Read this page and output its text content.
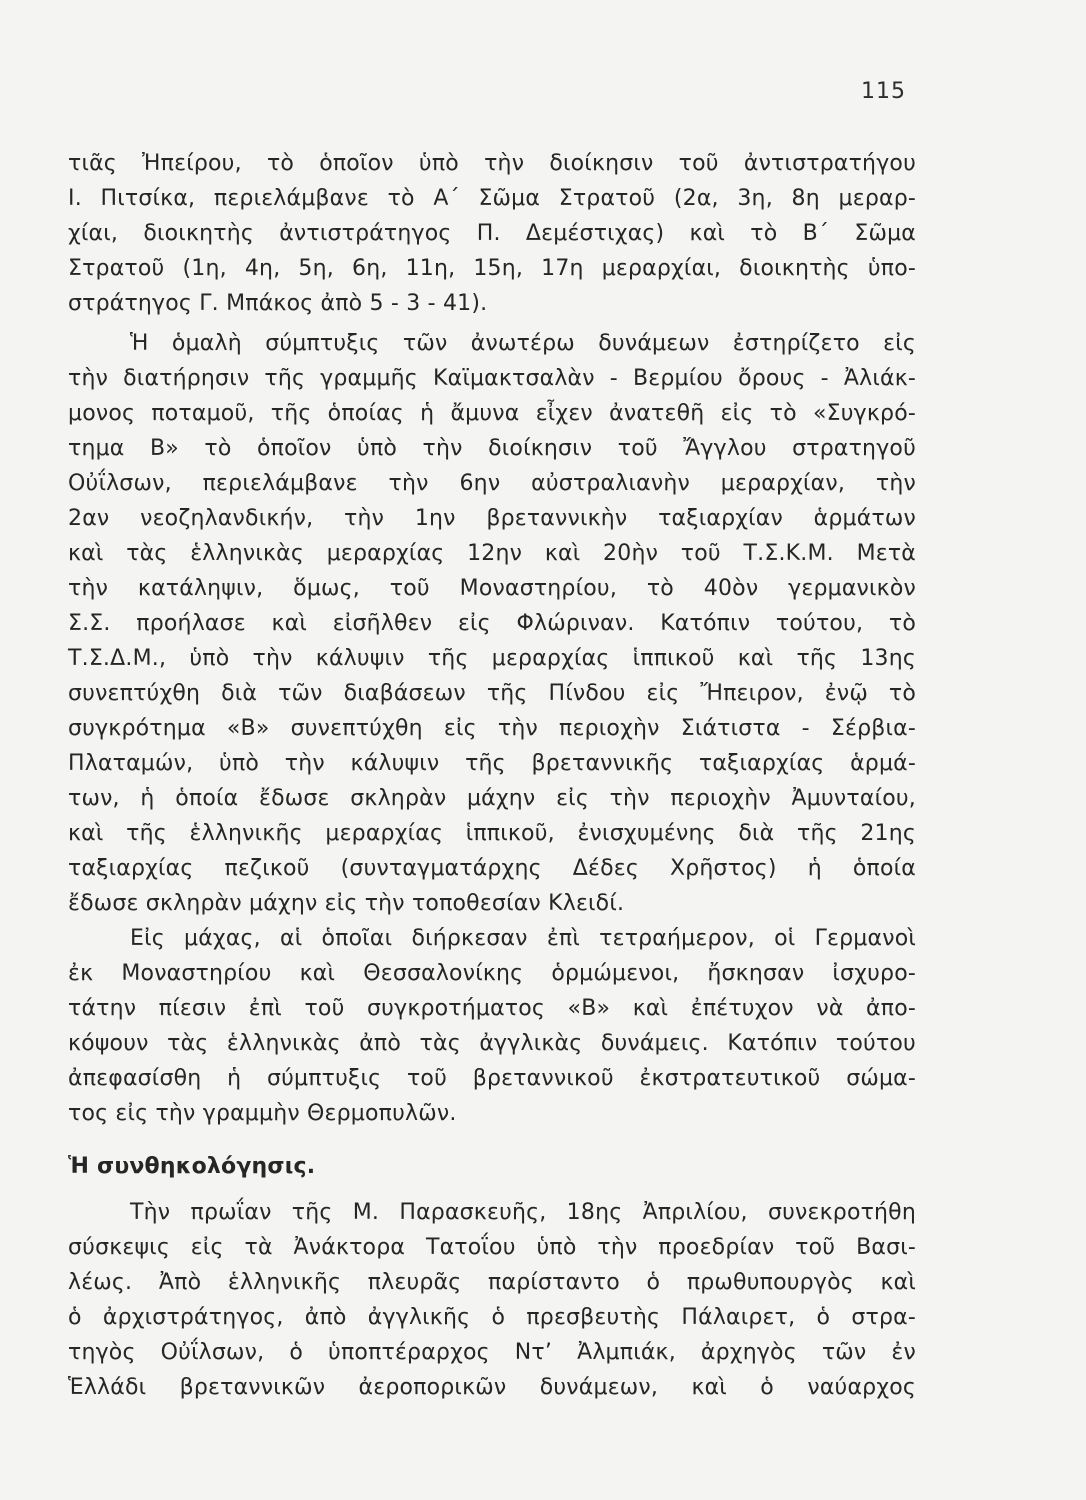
115
τιᾶς Ἠπείρου, τὸ ὁποῖον ὑπὸ τὴν διοίκησιν τοῦ ἀντιστρατήγου
Ι. Πιτσίκα, περιελάμβανε τὸ Α΄ Σῶμα Στρατοῦ (2α, 3η, 8η μεραρ-
χίαι, διοικητὴς ἀντιστράτηγος Π. Δεμέστιχας) καὶ τὸ Β΄ Σῶμα
Στρατοῦ (1η, 4η, 5η, 6η, 11η, 15η, 17η μεραρχίαι, διοικητὴς ὑπο-
στράτηγος Γ. Μπάκος ἀπὸ 5 - 3 - 41).
Ἡ ὁμαλὴ σύμπτυξις τῶν ἀνωτέρω δυνάμεων ἐστηρίζετο εἰς
τὴν διατήρησιν τῆς γραμμῆς Καϊμακτσαλὰν - Βερμίου ὄρους - Ἀλιάκ-
μονος ποταμοῦ, τῆς ὁποίας ἡ ἄμυνα εἶχεν ἀνατεθῆ εἰς τὸ «Συγκρό-
τημα Β» τὸ ὁποῖον ὑπὸ τὴν διοίκησιν τοῦ Ἄγγλου στρατηγοῦ
Οὐΐλσων, περιελάμβανε τὴν 6ην αὐστραλιανὴν μεραρχίαν, τὴν
2αν νεοζηλανδικήν, τὴν 1ην βρεταννικὴν ταξιαρχίαν ἁρμάτων
καὶ τὰς ἑλληνικὰς μεραρχίας 12ην καὶ 20ὴν τοῦ Τ.Σ.Κ.Μ. Μετὰ
τὴν κατάληψιν, ὅμως, τοῦ Μοναστηρίου, τὸ 40ὸν γερμανικὸν
Σ.Σ. προήλασε καὶ εἰσῆλθεν εἰς Φλώριναν. Κατόπιν τούτου, τὸ
Τ.Σ.Δ.Μ., ὑπὸ τὴν κάλυψιν τῆς μεραρχίας ἱππικοῦ καὶ τῆς 13ης
συνεπτύχθη διὰ τῶν διαβάσεων τῆς Πίνδου εἰς Ἤπειρον, ἐνῷ τὸ
συγκρότημα «Β» συνεπτύχθη εἰς τὴν περιοχὴν Σιάτιστα - Σέρβια-
Πλαταμών, ὑπὸ τὴν κάλυψιν τῆς βρεταννικῆς ταξιαρχίας ἁρμά-
των, ἡ ὁποία ἔδωσε σκληρὰν μάχην εἰς τὴν περιοχὴν Ἀμυνταίου,
καὶ τῆς ἑλληνικῆς μεραρχίας ἱππικοῦ, ἐνισχυμένης διὰ τῆς 21ης
ταξιαρχίας πεζικοῦ (συνταγματάρχης Δέδες Χρῆστος) ἡ ὁποία
ἔδωσε σκληρὰν μάχην εἰς τὴν τοποθεσίαν Κλειδί.
Εἰς μάχας, αἱ ὁποῖαι διήρκεσαν ἐπὶ τετραήμερον, οἱ Γερμανοὶ
ἐκ Μοναστηρίου καὶ Θεσσαλονίκης ὁρμώμενοι, ἤσκησαν ἰσχυρο-
τάτην πίεσιν ἐπὶ τοῦ συγκροτήματος «Β» καὶ ἐπέτυχον νὰ ἀπο-
κόψουν τὰς ἑλληνικὰς ἀπὸ τὰς ἀγγλικὰς δυνάμεις. Κατόπιν τούτου
ἀπεφασίσθη ἡ σύμπτυξις τοῦ βρεταννικοῦ ἐκστρατευτικοῦ σώμα-
τος εἰς τὴν γραμμὴν Θερμοπυλῶν.
Ἡ συνθηκολόγησις.
Τὴν πρωΐαν τῆς Μ. Παρασκευῆς, 18ης Ἀπριλίου, συνεκροτήθη
σύσκεψις εἰς τὰ Ἀνάκτορα Τατοΐου ὑπὸ τὴν προεδρίαν τοῦ Βασι-
λέως. Ἀπὸ ἑλληνικῆς πλευρᾶς παρίσταντο ὁ πρωθυπουργὸς καὶ
ὁ ἀρχιστράτηγος, ἀπὸ ἀγγλικῆς ὁ πρεσβευτὴς Πάλαιρετ, ὁ στρα-
τηγὸς Οὐΐλσων, ὁ ὑποπτέραρχος Ντ’ Ἀλμπιάκ, ἀρχηγὸς τῶν ἐν
Ἑλλάδι βρεταννικῶν ἀεροπορικῶν δυνάμεων, καὶ ὁ ναύαρχος
